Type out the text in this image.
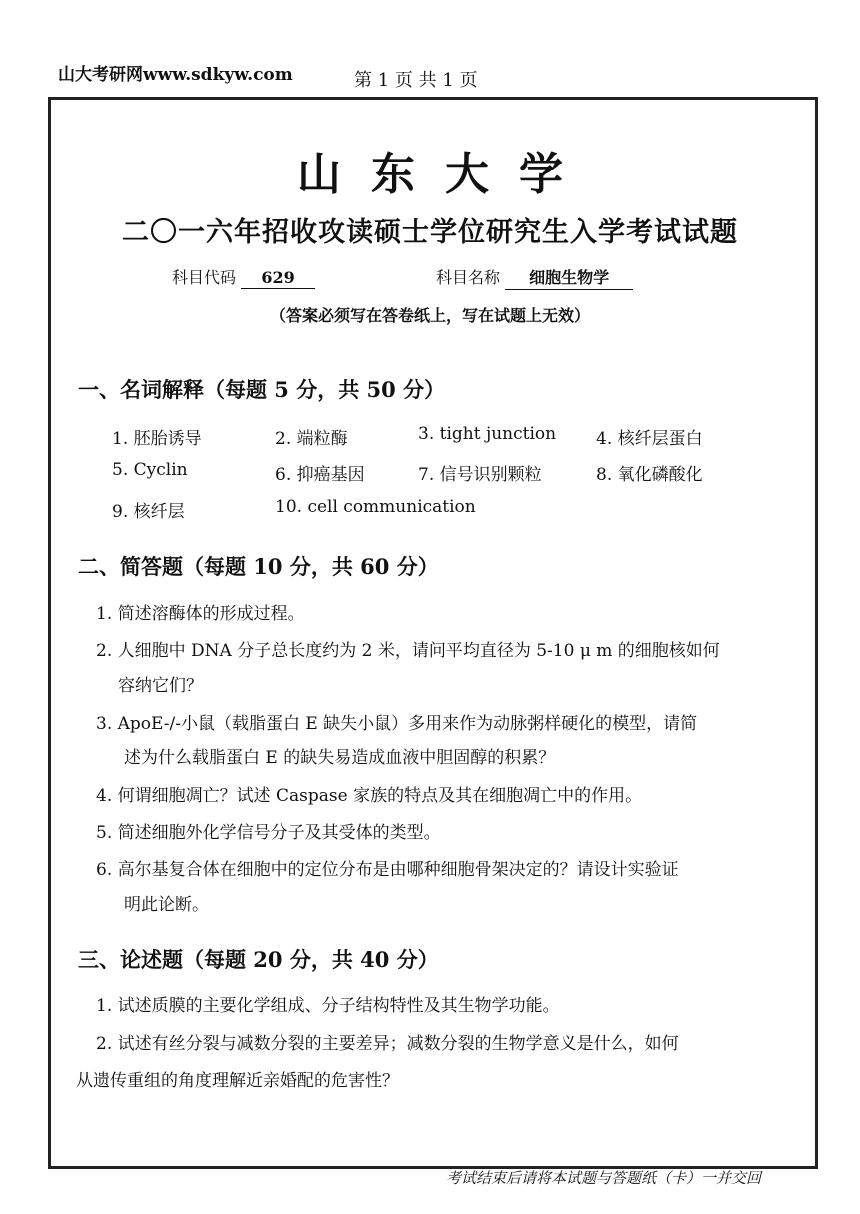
山大考研网www.sdkyw.com	第 1 页 共 1 页
山东大学
二〇一六年招收攻读硕士学位研究生入学考试试题
科目代码 629	科目名称 细胞生物学
（答案必须写在答卷纸上，写在试题上无效）
一、名词解释（每题 5 分，共 50 分）
1. 胚胎诱导	2. 端粒酶	3. tight junction 4. 核纤层蛋白
5. Cyclin	6. 抑癌基因	7. 信号识别颗粒	8. 氧化磷酸化
9. 核纤层	10. cell communication
二、简答题（每题 10 分，共 60 分）
1. 简述溶酶体的形成过程。
2. 人细胞中 DNA 分子总长度约为 2 米，请问平均直径为 5-10 μ m 的细胞核如何
容纳它们？
3. ApoE-/-小鼠（载脂蛋白 E 缺失小鼠）多用来作为动脉粥样硬化的模型，请简
述为什么载脂蛋白 E 的缺失易造成血液中胆固醇的积累？
4. 何谓细胞凋亡？试述 Caspase 家族的特点及其在细胞凋亡中的作用。
5. 简述细胞外化学信号分子及其受体的类型。
6. 高尔基复合体在细胞中的定位分布是由哪种细胞骨架决定的？请设计实验证
明此论断。
三、论述题（每题 20 分，共 40 分）
1. 试述质膜的主要化学组成、分子结构特性及其生物学功能。
2. 试述有丝分裂与减数分裂的主要差异；减数分裂的生物学意义是什么，如何
从遗传重组的角度理解近亲婚配的危害性？
考试结束后请将本试题与答题纸（卡）一并交回
